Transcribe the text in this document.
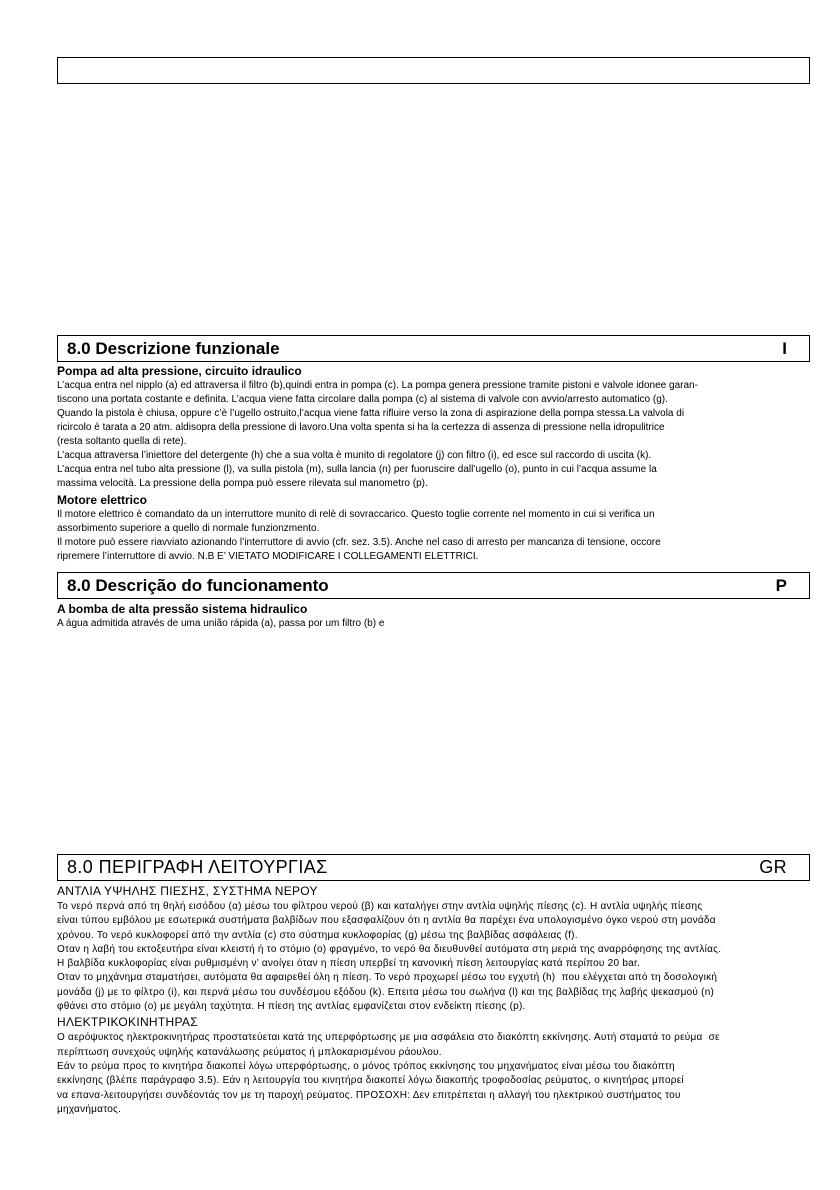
8.0 Descrizione funzionale	I
Pompa ad alta pressione, circuito idraulico
L’acqua entra nel nipplo (a) ed attraversa il filtro (b),quindi entra in pompa (c). La pompa genera pressione tramite pistoni e valvole idonee garan-
tiscono una portata costante e definita. L’acqua viene fatta circolare dalla pompa (c) al sistema di valvole con avvio/arresto automatico (g).
Quando la pistola è chiusa, oppure c’è l’ugello ostruito,l’acqua viene fatta rifluire verso la zona di aspirazione della pompa stessa.La valvola di
ricircolo è tarata a 20 atm. aldisopra della pressione di lavoro.Una volta spenta si ha la certezza di assenza di pressione nella idropulitrice
(resta soltanto quella di rete).
L’acqua attraversa l’iniettore del detergente (h) che a sua volta è munito di regolatore (j) con filtro (i), ed esce sul raccordo di uscita (k).
L’acqua entra nel tubo alta pressione (l), va sulla pistola (m), sulla lancia (n) per fuoruscire dall’ugello (o), punto in cui l’acqua assume la
massima velocità. La pressione della pompa può essere rilevata sul manometro (p).
Motore elettrico
Il motore elettrico è comandato da un interruttore munito di relè di sovraccarico. Questo toglie corrente nel momento in cui si verifica un
assorbimento superiore a quello di normale funzionzmento.
Il motore può essere riavviato azionando l’interruttore di avvio (cfr. sez. 3.5). Anche nel caso di arresto per mancanza di tensione, occore
ripremere l’interruttore di avvio. N.B E’ VIETATO MODIFICARE I COLLEGAMENTI ELETTRICI.
8.0 Descrição do funcionamento	P
A bomba de alta pressão sistema hidraulico
A água admitida através de uma união rápida (a), passa por um filtro (b) e
8.0 ΠΕΡΙΓΡΑΦΗ ΛΕΙΤΟΥΡΓΙΑΣ	GR
ΑΝΤΛΙΑ ΥΨΗΛΗΣ ΠΙΕΣΗΣ, ΣΥΣΤΗΜΑ ΝΕΡΟΥ
Το νερό περνά από τη θηλή εισόδου (α) μέσω του φίλτρου νερού (β) και καταλήγει στην αντλία υψηλής πίεσης (c). Η αντλία υψηλής πίεσης
είναι τύπου εμβόλου με εσωτερικά συστήματα βαλβίδων που εξασφαλίζουν ότι η αντλία θα παρέχει ένα υπολογισμένο όγκο νερού στη μονάδα
χρόνου. Το νερό κυκλοφορεί από την αντλία (c) στο σύστημα κυκλοφορίας (g) μέσω της βαλβίδας ασφάλειας (f).
Οταν η λαβή του εκτοξευτήρα είναι κλειστή ή το στόμιο (ο) φραγμένο, το νερό θα διευθυνθεί αυτόματα στη μεριά της αναρρόφησης της αντλίας.
Η βαλβίδα κυκλοφορίας είναι ρυθμισμένη ν’ ανοίγει όταν η πίεση υπερβεί τη κανονική πίεση λειτουργίας κατά περίπου 20 bar.
Οταν το μηχάνημα σταματήσει, αυτόματα θα αφαιρεθεί όλη η πίεση. Το νερό προχωρεί μέσω του εγχυτή (h)  που ελέγχεται από τη δοσολογική
μονάδα (j) με το φίλτρο (i), και περνά μέσω του συνδέσμου εξόδου (k). Επειτα μέσω του σωλήνα (l) και της βαλβίδας της λαβής ψεκασμού (n)
φθάνει στο στόμιο (ο) με μεγάλη ταχύτητα. Η πίεση της αντλίας εμφανίζεται στον ενδείκτη πίεσης (p).
ΗΛΕΚΤΡΙΚΟΚΙΝΗΤΗΡΑΣ
Ο αερόψυκτος ηλεκτροκινητήρας προστατεύεται κατά της υπερφόρτωσης με μια ασφάλεια στο διακόπτη εκκίνησης. Αυτή σταματά το ρεύμα  σε
περίπτωση συνεχούς υψηλής κατανάλωσης ρεύματος ή μπλοκαρισμένου ράουλου.
Εάν το ρεύμα προς το κινητήρα διακοπεί λόγω υπερφόρτωσης, ο μόνος τρόπος εκκίνησης του μηχανήματος είναι μέσω του διακόπτη
εκκίνησης (βλέπε παράγραφο 3.5). Εάν η λειτουργία του κινητήρα διακοπεί λόγω διακοπής τροφοδοσίας ρεύματος, ο κινητήρας μπορεί
να επανα-λειτουργήσει συνδέοντάς τον με τη παροχή ρεύματος. ΠΡΟΣΟΧΗ: Δεν επιτρέπεται η αλλαγή του ηλεκτρικού συστήματος του
μηχανήματος.
